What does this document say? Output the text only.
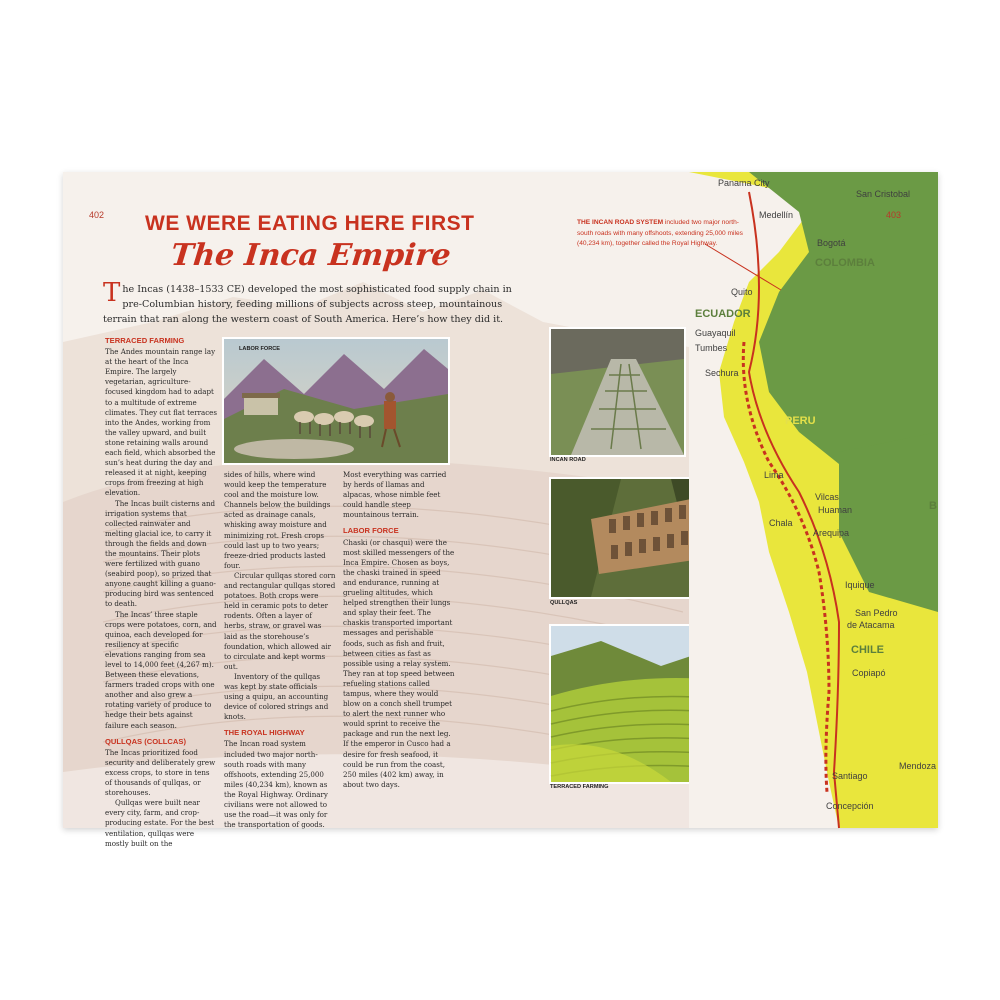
402 WE WERE EATING HERE FIRST
The Inca Empire
The Incas (1438–1533 CE) developed the most sophisticated food supply chain in pre-Columbian history, feeding millions of subjects across steep, mountainous terrain that ran along the western coast of South America. Here’s how they did it.
TERRACED FARMING

The Andes mountain range lay at the heart of the Inca Empire. The largely vegetarian, agriculture-focused kingdom had to adapt to a multitude of extreme climates. They cut flat terraces into the Andes, working from the valley upward, and built stone retaining walls around each field, which absorbed the sun’s heat during the day and released it at night, keeping crops from freezing at high elevation.

The Incas built cisterns and irrigation systems that collected rainwater and melting glacial ice, to carry it through the fields and down the mountains. Their plots were fertilized with guano (seabird poop), so prized that anyone caught killing a guano-producing bird was sentenced to death.

The Incas’ three staple crops were potatoes, corn, and quinoa, each developed for resiliency at specific elevations ranging from sea level to 14,000 feet (4,267 m). Between these elevations, farmers traded crops with one another and also grew a rotating variety of produce to hedge their bets against failure each season.

QULLQAS (COLLCAS)

The Incas prioritized food security and deliberately grew excess crops, to store in tens of thousands of qullqas, or storehouses.

Qullqas were built near every city, farm, and crop-producing estate. For the best ventilation, qullqas were mostly built on the

LABOR FORCE

sides of hills, where wind would keep the temperature cool and the moisture low. Channels below the buildings acted as drainage canals, whisking away moisture and minimizing rot. Fresh crops could last up to two years; freeze-dried products lasted four.

Circular qullqas stored corn and rectangular qullqas stored potatoes. Both crops were held in ceramic pots to deter rodents. Often a layer of herbs, straw, or gravel was laid as the storehouse’s foundation, which allowed air to circulate and kept worms out.

Inventory of the qullqas was kept by state officials using a quipu, an accounting device of colored strings and knots.

THE ROYAL HIGHWAY

The Incan road system included two major north-south roads with many offshoots, extending 25,000 miles (40,234 km), known as the Royal Highway. Ordinary civilians were not allowed to use the road—it was only for the transportation of goods.

Most everything was carried by herds of llamas and alpacas, whose nimble feet could handle steep mountainous terrain.

LABOR FORCE

Chaski (or chasqui) were the most skilled messengers of the Inca Empire. Chosen as boys, the chaski trained in speed and endurance, running at grueling altitudes, which helped strengthen their lungs and splay their feet. The chaskis transported important messages and perishable foods, such as fish and fruit, between cities as fast as possible using a relay system. They ran at top speed between refueling stations called tampus, where they would blow on a conch shell trumpet to alert the next runner who would sprint to receive the package and run the next leg. If the emperor in Cusco had a desire for fresh seafood, it could be run from the coast, 250 miles (402 km) away, in about two days.

INCAN ROAD
QULLQAS
TERRACED FARMING
403
COLOMBIA
ECUADOR
CHILE
PERU
B
Panama City
San Cristobal
Medellín
Bogotá
Quito
Guayaquil
Tumbes
Sechura
Lima
Vilcas
Huaman
Chala
Arequipa
Iquique
San Pedro
de Atacama
Copiapó
Santiago
Mendoza
Concepción
THE INCAN ROAD SYSTEM included two major north-south roads with many offshoots, extending 25,000 miles (40,234 km), together called the Royal Highway.
